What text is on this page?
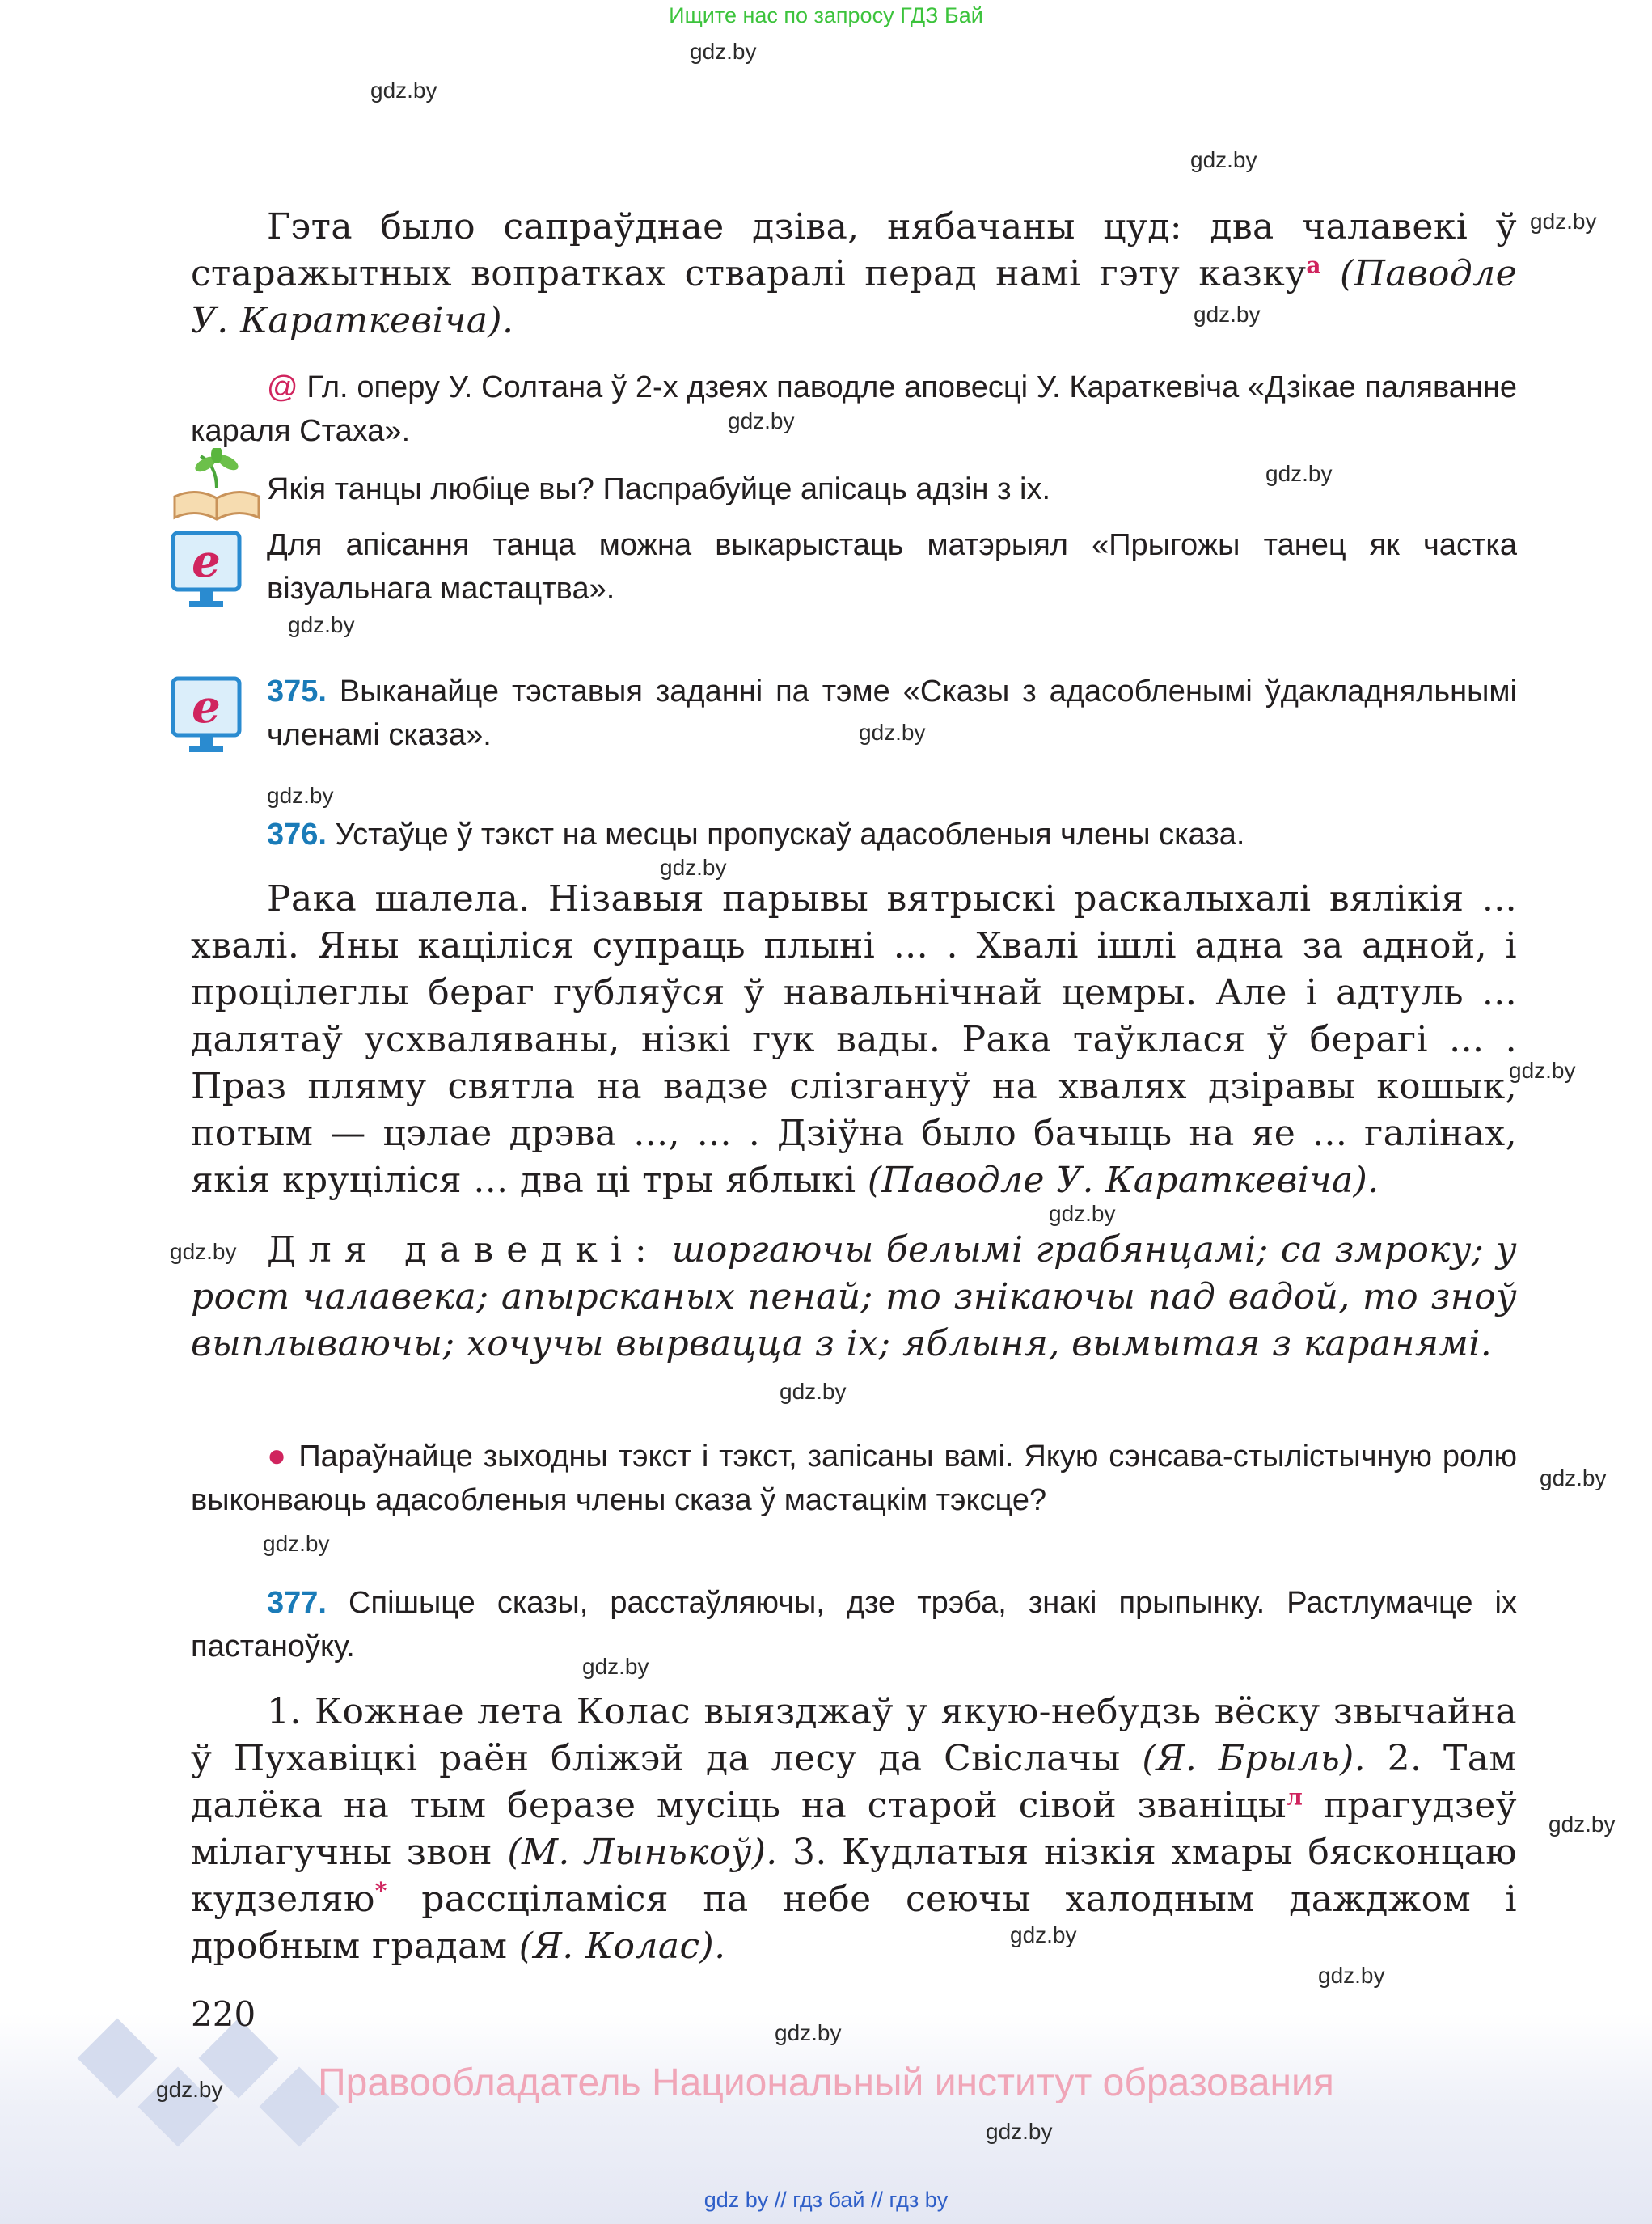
Ищите нас по запросу ГДЗ Бай
gdz.by
gdz.by
gdz.by
gdz.by
gdz.by
gdz.by
gdz.by
gdz.by
gdz.by
gdz.by
gdz.by
gdz.by
gdz.by
gdz.by
gdz.by
gdz.by
gdz.by
gdz.by
gdz.by
gdz.by
gdz.by
Гэта было сапраўднае дзіва, нябачаны цуд: два чалавекі ў старажытных вопратках стваралі перад намі гэту казку$^а$ (Паводле У. Караткевіча).
@ Гл. оперу У. Солтана ў 2-х дзеях паводле аповесці У. Караткевіча «Дзікае паляванне караля Стаха».
Якія танцы любіце вы? Паспрабуйце апісаць адзін з іх.
e Для апісання танца можна выкарыстаць матэрыял «Прыгожы танец як частка візуальнага мастацтва».
e 375. Выканайце тэставыя заданні па тэме «Сказы з адасобленымі ўдакладняльнымі членамі сказа».
376. Устаўце ў тэкст на месцы пропускаў адасобленыя члены сказа.
Рака шалела. Нізавыя парывы вятрыскі раскалыхалі вялікія ... хвалі. Яны каціліся супраць плыні ... . Хвалі ішлі адна за адной, і процілеглы бераг губляўся ў навальнічнай цемры. Але і адтуль ... далятаў усхваляваны, нізкі гук вады. Рака таўклася ў берагі ... . Праз пляму святла на вадзе слізгануў на хвалях дзіравы кошык, потым — цэлае дрэва ..., ... . Дзіўна было бачыць на яе ... галінах, якія круціліся ... два ці тры яблыкі (Паводле У. Караткевіча).
Для даведкі: шоргаючы белымі грабянцамі; са змроку; у рост чалавека; апырсканых пенай; то знікаючы пад вадой, то зноў выплываючы; хочучы вырвацца з іх; яблыня, вымытая з каранямі.
● Параўнайце зыходны тэкст і тэкст, запісаны вамі. Якую сэнсава-стылістычную ролю выконваюць адасобленыя члены сказа ў мастацкім тэксце?
377. Спішыце сказы, расстаўляючы, дзе трэба, знакі прыпынку. Растлумачце іх пастаноўку.
1. Кожнае лета Колас выязджаў у якую-небудзь вёску звычайна ў Пухавіцкі раён бліжэй да лесу да Свіслачы (Я. Брыль). 2. Там далёка на тым беразе мусіць на старой сівой званіцы$^л$ прагудзеў мілагучны звон (М. Лынькоў). 3. Кудлатыя нізкія хмары бясконцаю кудзеляю* рассціламіся па небе сеючы халодным дажджом і дробным градам (Я. Колас).
220	gdz.by
Правообладатель Национальный институт образования
gdz.by
gdz.by
gdz by // гдз бай // гдз by
